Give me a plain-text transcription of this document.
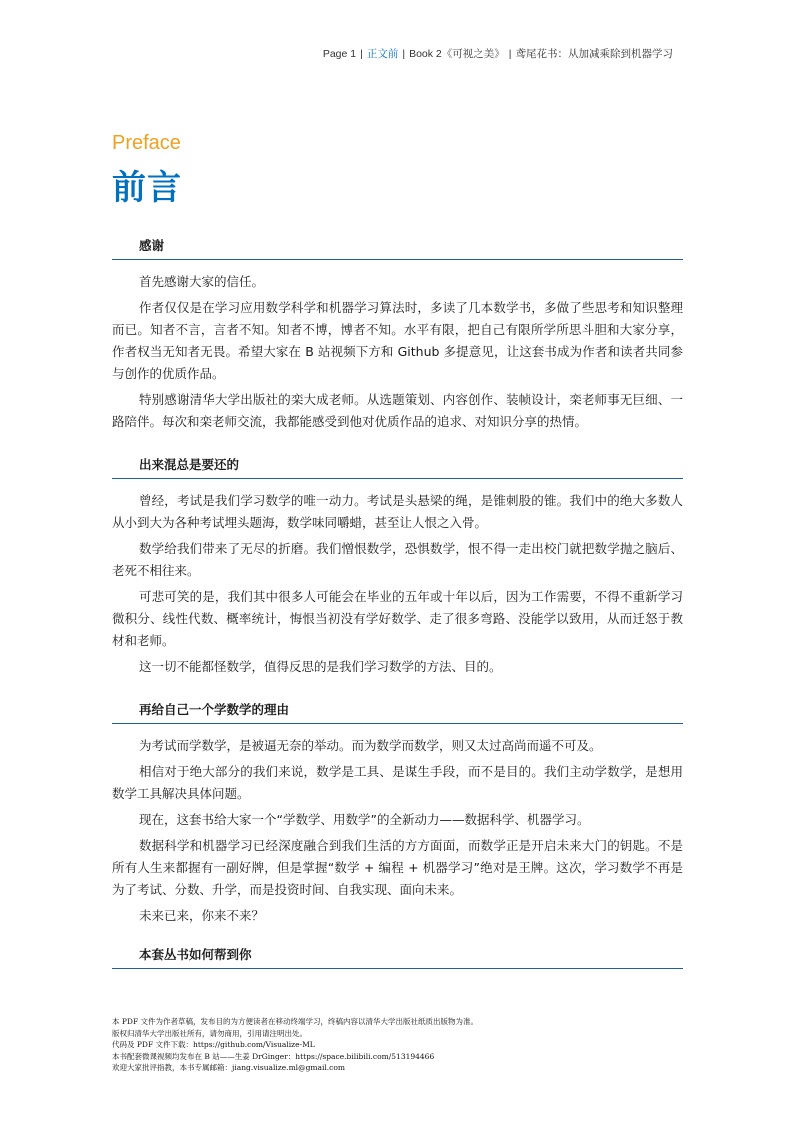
Page 1 | 正文前 | Book 2《可视之美》 | 鸢尾花书：从加减乘除到机器学习
Preface
前言
感谢

首先感谢大家的信任。

作者仅仅是在学习应用数学科学和机器学习算法时，多读了几本数学书，多做了些思考和知识整理而已。知者不言，言者不知。知者不博，博者不知。水平有限，把自己有限所学所思斗胆和大家分享，作者权当无知者无畏。希望大家在 B 站视频下方和 Github 多提意见，让这套书成为作者和读者共同参与创作的优质作品。

特别感谢清华大学出版社的栾大成老师。从选题策划、内容创作、装帧设计，栾老师事无巨细、一路陪伴。每次和栾老师交流，我都能感受到他对优质作品的追求、对知识分享的热情。

出来混总是要还的

曾经，考试是我们学习数学的唯一动力。考试是头悬梁的绳，是锥刺股的锥。我们中的绝大多数人从小到大为各种考试埋头题海，数学味同嚼蜡，甚至让人恨之入骨。

数学给我们带来了无尽的折磨。我们憎恨数学，恐惧数学，恨不得一走出校门就把数学抛之脑后、老死不相往来。

可悲可笑的是，我们其中很多人可能会在毕业的五年或十年以后，因为工作需要，不得不重新学习微积分、线性代数、概率统计，悔恨当初没有学好数学、走了很多弯路、没能学以致用，从而迁怒于教材和老师。

这一切不能都怪数学，值得反思的是我们学习数学的方法、目的。

再给自己一个学数学的理由

为考试而学数学，是被逼无奈的举动。而为数学而数学，则又太过高尚而遥不可及。

相信对于绝大部分的我们来说，数学是工具、是谋生手段，而不是目的。我们主动学数学，是想用数学工具解决具体问题。

现在，这套书给大家一个“学数学、用数学”的全新动力——数据科学、机器学习。

数据科学和机器学习已经深度融合到我们生活的方方面面，而数学正是开启未来大门的钥匙。不是所有人生来都握有一副好牌，但是掌握“数学 + 编程 + 机器学习”绝对是王牌。这次，学习数学不再是为了考试、分数、升学，而是投资时间、自我实现、面向未来。

未来已来，你来不来？

本套丛书如何帮到你
本 PDF 文件为作者草稿，发布目的为方便读者在移动终端学习，终稿内容以清华大学出版社纸质出版物为准。
版权归清华大学出版社所有，请勿商用，引用请注明出处。
代码及 PDF 文件下载：https://github.com/Visualize-ML
本书配套微课视频均发布在 B 站——生姜 DrGinger：https://space.bilibili.com/513194466
欢迎大家批评指教，本书专属邮箱：jiang.visualize.ml@gmail.com
